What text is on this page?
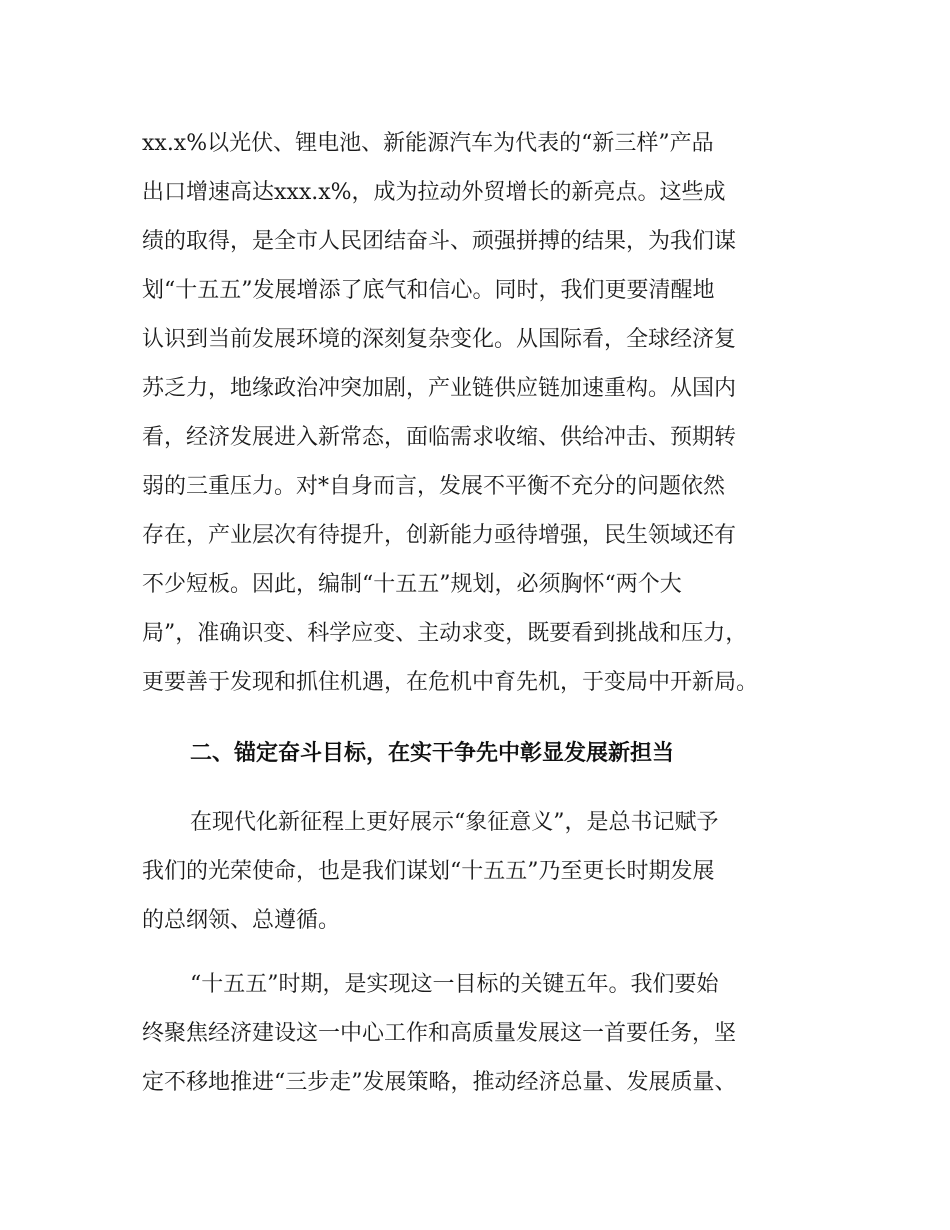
xx.x%以光伏、锂电池、新能源汽车为代表的“新三样”产品
出口增速高达xxx.x%，成为拉动外贸增长的新亮点。这些成
绩的取得，是全市人民团结奋斗、顽强拼搏的结果，为我们谋
划“十五五”发展增添了底气和信心。同时，我们更要清醒地
认识到当前发展环境的深刻复杂变化。从国际看，全球经济复
苏乏力，地缘政治冲突加剧，产业链供应链加速重构。从国内
看，经济发展进入新常态，面临需求收缩、供给冲击、预期转
弱的三重压力。对*自身而言，发展不平衡不充分的问题依然
存在，产业层次有待提升，创新能力亟待增强，民生领域还有
不少短板。因此，编制“十五五”规划，必须胸怀“两个大
局”，准确识变、科学应变、主动求变，既要看到挑战和压力，
更要善于发现和抓住机遇，在危机中育先机，于变局中开新局。
二、锚定奋斗目标，在实干争先中彰显发展新担当
在现代化新征程上更好展示“象征意义”，是总书记赋予
我们的光荣使命，也是我们谋划“十五五”乃至更长时期发展
的总纲领、总遵循。
“十五五”时期，是实现这一目标的关键五年。我们要始
终聚焦经济建设这一中心工作和高质量发展这一首要任务，坚
定不移地推进“三步走”发展策略，推动经济总量、发展质量、
